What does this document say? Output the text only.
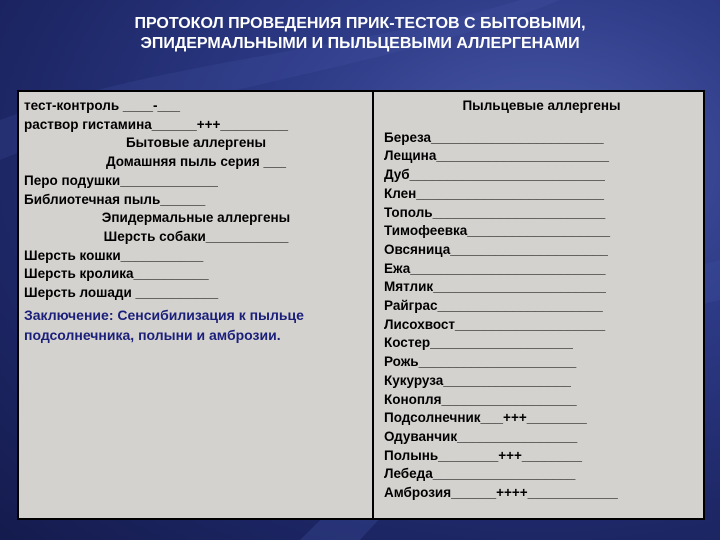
ПРОТОКОЛ ПРОВЕДЕНИЯ ПРИК-ТЕСТОВ С БЫТОВЫМИ,
ЭПИДЕРМАЛЬНЫМИ И ПЫЛЬЦЕВЫМИ АЛЛЕРГЕНАМИ
тест-контроль ____-___
раствор гистамина______+++_________
Бытовые аллергены
Домашняя пыль серия ___
Перо подушки_____________
Библиотечная пыль______
Эпидермальные аллергены
Шерсть собаки___________
Шерсть кошки___________
Шерсть кролика__________
Шерсть лошади ___________
Заключение: Сенсибилизация к пыльце подсолнечника, полыни и амброзии.

Пыльцевые аллергены
Береза_______________________
Лещина_______________________
Дуб__________________________
Клен_________________________
Тополь_______________________
Тимофеевка___________________
Овсяница_____________________
Ежа__________________________
Мятлик_______________________
Райграс______________________
Лисохвост____________________
Костер___________________
Рожь_____________________
Кукуруза_________________
Конопля__________________
Подсолнечник___+++________
Одуванчик________________
Полынь________+++________
Лебеда___________________
Амброзия______++++____________
